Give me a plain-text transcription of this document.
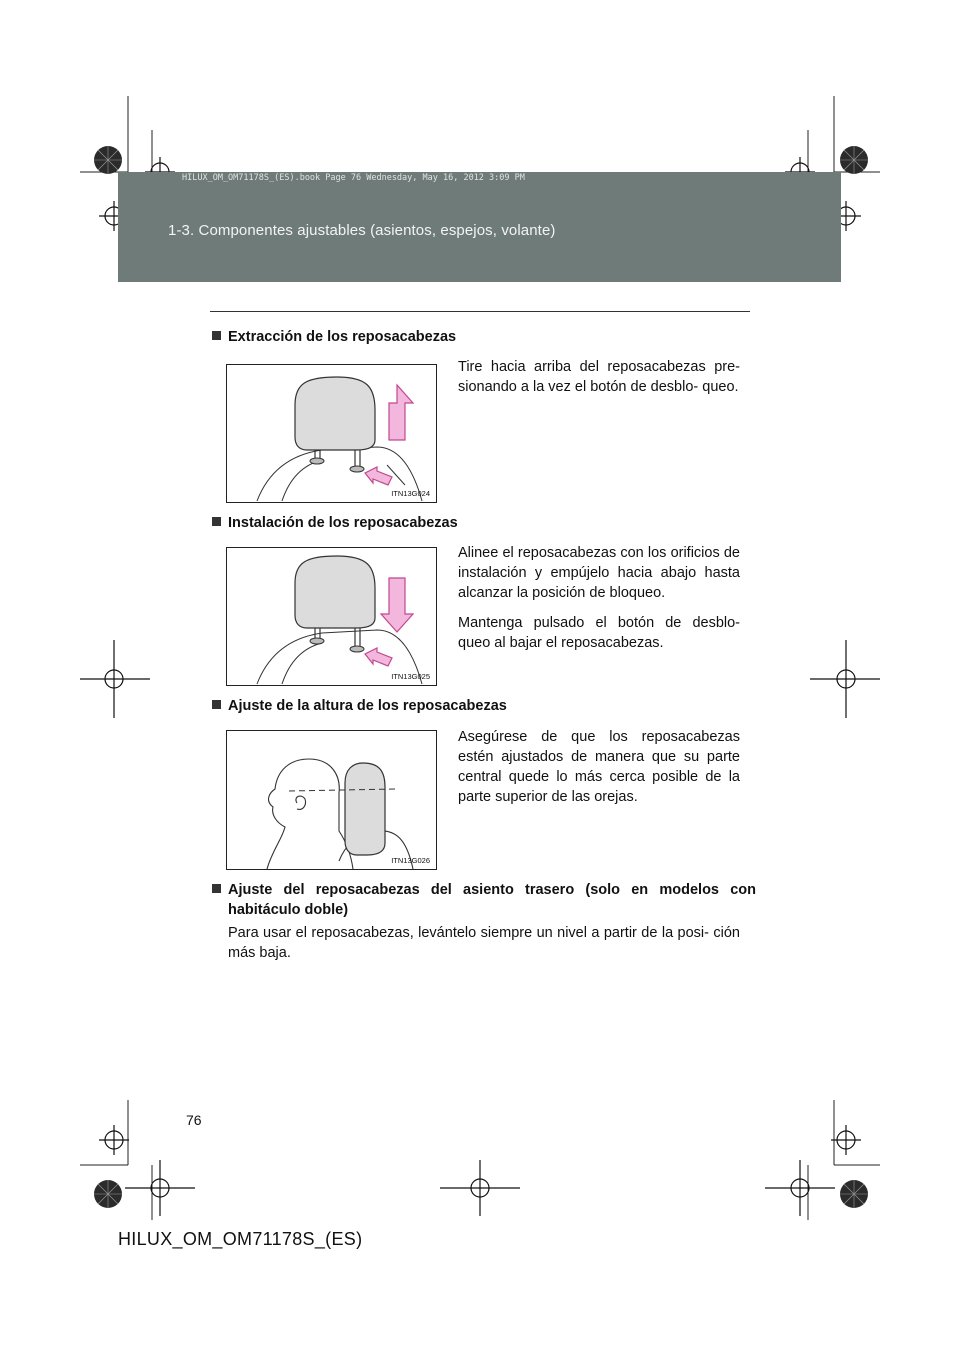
1-3. Componentes ajustables (asientos, espejos, volante)
HILUX_OM_OM71178S_(ES).book Page 76 Wednesday, May 16, 2012 3:09 PM
Extracción de los reposacabezas
ITN13G024
Tire hacia arriba del reposacabezas pre- sionando a la vez el botón de desblo- queo.
Instalación de los reposacabezas
ITN13G025
Alinee el reposacabezas con los orificios de instalación y empújelo hacia abajo hasta alcanzar la posición de bloqueo.
Mantenga pulsado el botón de desblo- queo al bajar el reposacabezas.
Ajuste de la altura de los reposacabezas
ITN13G026
Asegúrese de que los reposacabezas estén ajustados de manera que su parte central quede lo más cerca posible de la parte superior de las orejas.
Ajuste del reposacabezas del asiento trasero (solo en modelos con habitáculo doble)
Para usar el reposacabezas, levántelo siempre un nivel a partir de la posi- ción más baja.
76
HILUX_OM_OM71178S_(ES)
